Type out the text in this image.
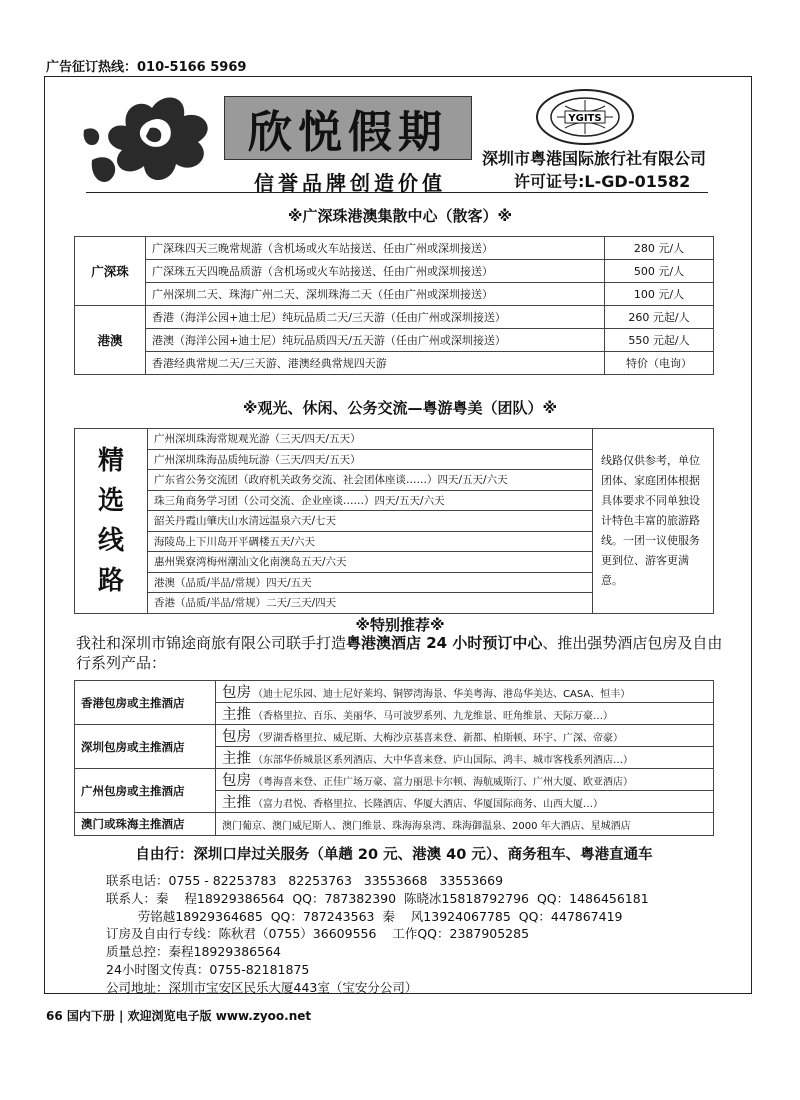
广告征订热线：010-5166 5969
欣悦假期
信誉品牌创造价值
YGITS
深圳市粤港国际旅行社有限公司
许可证号:L-GD-01582
※广深珠港澳集散中心（散客）※
广深珠	广深珠四天三晚常规游（含机场或火车站接送、任由广州或深圳接送）	280 元/人
	广深珠五天四晚品质游（含机场或火车站接送、任由广州或深圳接送）	500 元/人
	广州深圳二天、珠海广州二天、深圳珠海二天（任由广州或深圳接送）	100 元/人
港澳	香港（海洋公园+迪士尼）纯玩品质二天/三天游（任由广州或深圳接送）	260 元起/人
	港澳（海洋公园+迪士尼）纯玩品质四天/五天游（任由广州或深圳接送）	550 元起/人
	香港经典常规二天/三天游、港澳经典常规四天游	特价（电询）
※观光、休闲、公务交流—粤游粤美（团队）※
精
选
线
路
	广州深圳珠海常规观光游（三天/四天/五天）	线路仅供参考，单位团体、家庭团体根据具体要求不同单独设计特色丰富的旅游路线。一团一议使服务更到位、游客更满意。
广州深圳珠海品质纯玩游（三天/四天/五天）
广东省公务交流团（政府机关政务交流、社会团体座谈……）四天/五天/六天
珠三角商务学习团（公司交流、企业座谈……）四天/五天/六天
韶关丹霞山肇庆山水清远温泉六天/七天
海陵岛上下川岛开平碉楼五天/六天
惠州巽寮湾梅州潮汕文化南澳岛五天/六天
港澳（品质/半品/常规）四天/五天
香港（品质/半品/常规）二天/三天/四天
※特别推荐※
我社和深圳市锦途商旅有限公司联手打造粤港澳酒店 24 小时预订中心、推出强势酒店包房及自由行系列产品：
香港包房或主推酒店	包房 （迪士尼乐园、迪士尼好莱坞、铜锣湾海景、华美粤海、港岛华美达、CASA、恒丰）
	主推 （香格里拉、百乐、美丽华、马可波罗系列、九龙维景、旺角维景、天际万豪…）
深圳包房或主推酒店	包房 （罗湖香格里拉、威尼斯、大梅沙京基喜来登、新都、柏斯顿、环宇、广深、帝豪）
	主推 （东部华侨城景区系列酒店、大中华喜来登、庐山国际、鸿丰、城市客栈系列酒店…）
广州包房或主推酒店	包房 （粤海喜来登、正佳广场万豪、富力丽思卡尔顿、海航威斯汀、广州大厦、欧亚酒店）
	主推 （富力君悦、香格里拉、长隆酒店、华厦大酒店、华厦国际商务、山西大厦…）
澳门或珠海主推酒店	澳门葡京、澳门威尼斯人、澳门维景、珠海海泉湾、珠海御温泉、2000 年大酒店、星城酒店
自由行：深圳口岸过关服务（单趟 20 元、港澳 40 元）、商务租车、粤港直通车
联系电话：0755 - 82253783   82253763   33553668   33553669
联系人：秦    程18929386564  QQ：787382390  陈晓冰15818792796  QQ：1486456181
劳铭越18929364685  QQ：787243563  秦    风13924067785  QQ：447867419
订房及自由行专线：陈秋君（0755）36609556    工作QQ：2387905285
质量总控：秦程18929386564
24小时图文传真：0755-82181875
公司地址：深圳市宝安区民乐大厦443室（宝安分公司）
66 国内下册 | 欢迎浏览电子版 www.zyoo.net
